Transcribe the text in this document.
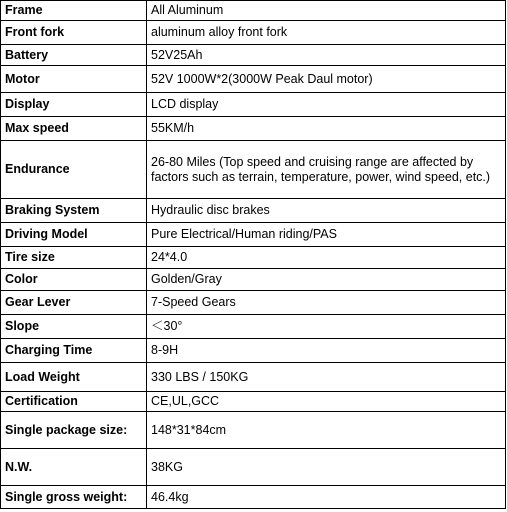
Frame	All Aluminum
Front fork	aluminum alloy front fork
Battery	52V25Ah
Motor	52V 1000W*2(3000W Peak Daul motor)
Display	LCD display
Max speed	55KM/h
Endurance	26-80 Miles (Top speed and cruising range are affected by factors such as terrain, temperature, power, wind speed, etc.)
Braking System	Hydraulic disc brakes
Driving Model	Pure Electrical/Human riding/PAS
Tire size	24*4.0
Color	Golden/Gray
Gear Lever	7-Speed Gears
Slope	＜30°
Charging Time	8-9H
Load Weight	330 LBS / 150KG
Certification	CE,UL,GCC
Single package size:	148*31*84cm
N.W.	38KG
Single gross weight:	46.4kg
